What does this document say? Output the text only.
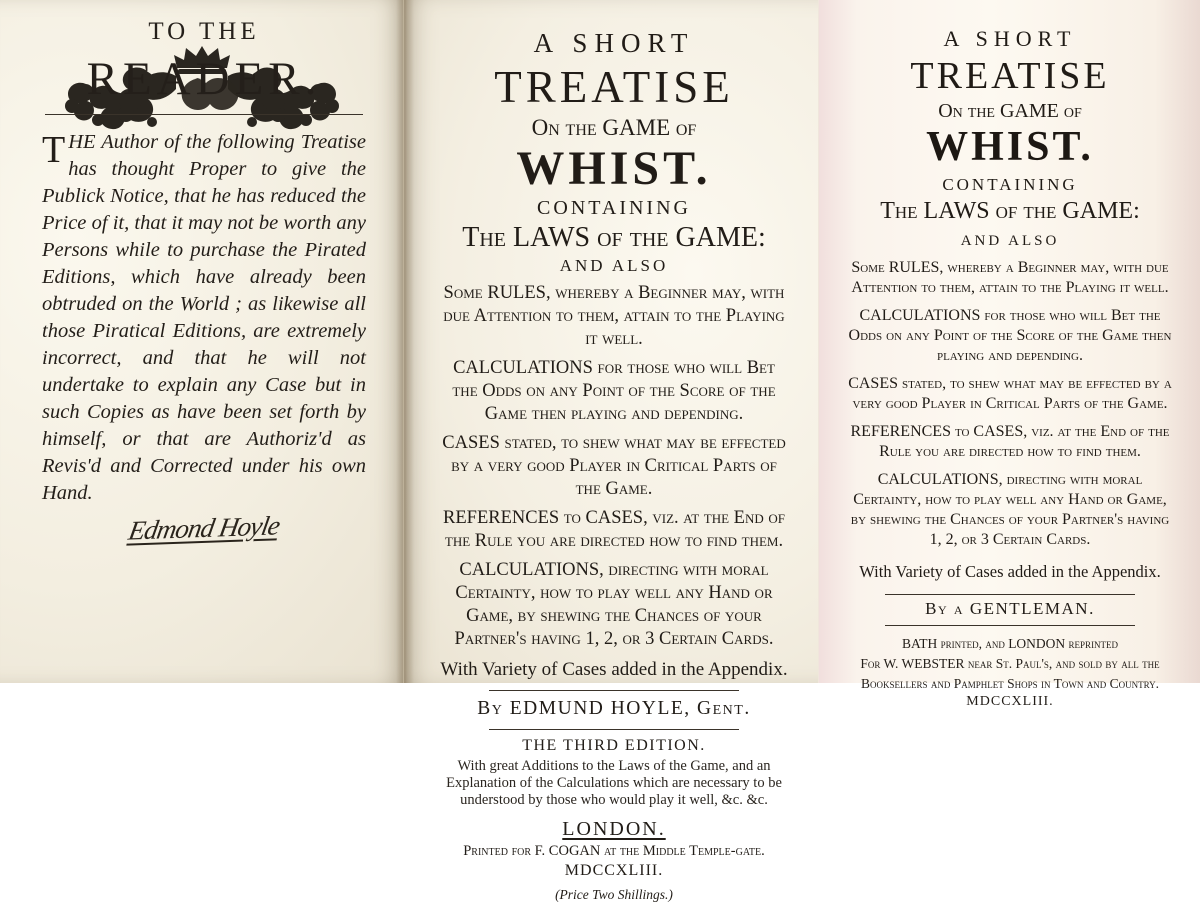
TO THE
READER.
THE Author of the following Treatise has thought Proper to give the Publick Notice, that he has reduced the Price of it, that it may not be worth any Persons while to purchase the Pirated Editions, which have already been obtruded on the World ; as likewise all those Piratical Editions, are extremely incorrect, and that he will not undertake to explain any Case but in such Copies as have been set forth by himself, or that are Authoriz'd as Revis'd and Corrected under his own Hand.
Edmond Hoyle
A SHORT
TREATISE
On the GAME of
WHIST.
CONTAINING
The LAWS of the GAME:
AND ALSO
Some RULES, whereby a Beginner may, with due Attention to them, attain to the Playing it well.
CALCULATIONS for those who will Bet the Odds on any Point of the Score of the Game then playing and depending.
CASES stated, to shew what may be effected by a very good Player in Critical Parts of the Game.
REFERENCES to CASES, viz. at the End of the Rule you are directed how to find them.
CALCULATIONS, directing with moral Certainty, how to play well any Hand or Game, by shewing the Chances of your Partner's having 1, 2, or 3 Certain Cards.
With Variety of Cases added in the Appendix.
By EDMUND HOYLE, Gent.
THE THIRD EDITION.
With great Additions to the Laws of the Game, and an Explanation of the Calculations which are necessary to be understood by those who would play it well, &c. &c.
LONDON.
Printed for F. COGAN at the Middle Temple-gate.
MDCCXLIII.
(Price Two Shillings.)
A SHORT
TREATISE
On the GAME of
WHIST.
CONTAINING
The LAWS of the GAME:
AND ALSO
Some RULES, whereby a Beginner may, with due Attention to them, attain to the Playing it well.
CALCULATIONS for those who will Bet the Odds on any Point of the Score of the Game then playing and depending.
CASES stated, to shew what may be effected by a very good Player in Critical Parts of the Game.
REFERENCES to CASES, viz. at the End of the Rule you are directed how to find them.
CALCULATIONS, directing with moral Certainty, how to play well any Hand or Game, by shewing the Chances of your Partner's having 1, 2, or 3 Certain Cards.
With Variety of Cases added in the Appendix.
By a GENTLEMAN.
BATH printed, and LONDON reprinted
For W. WEBSTER near St. Paul's, and sold by all the
Booksellers and Pamphlet Shops in Town and Country.
MDCCXLIII.
